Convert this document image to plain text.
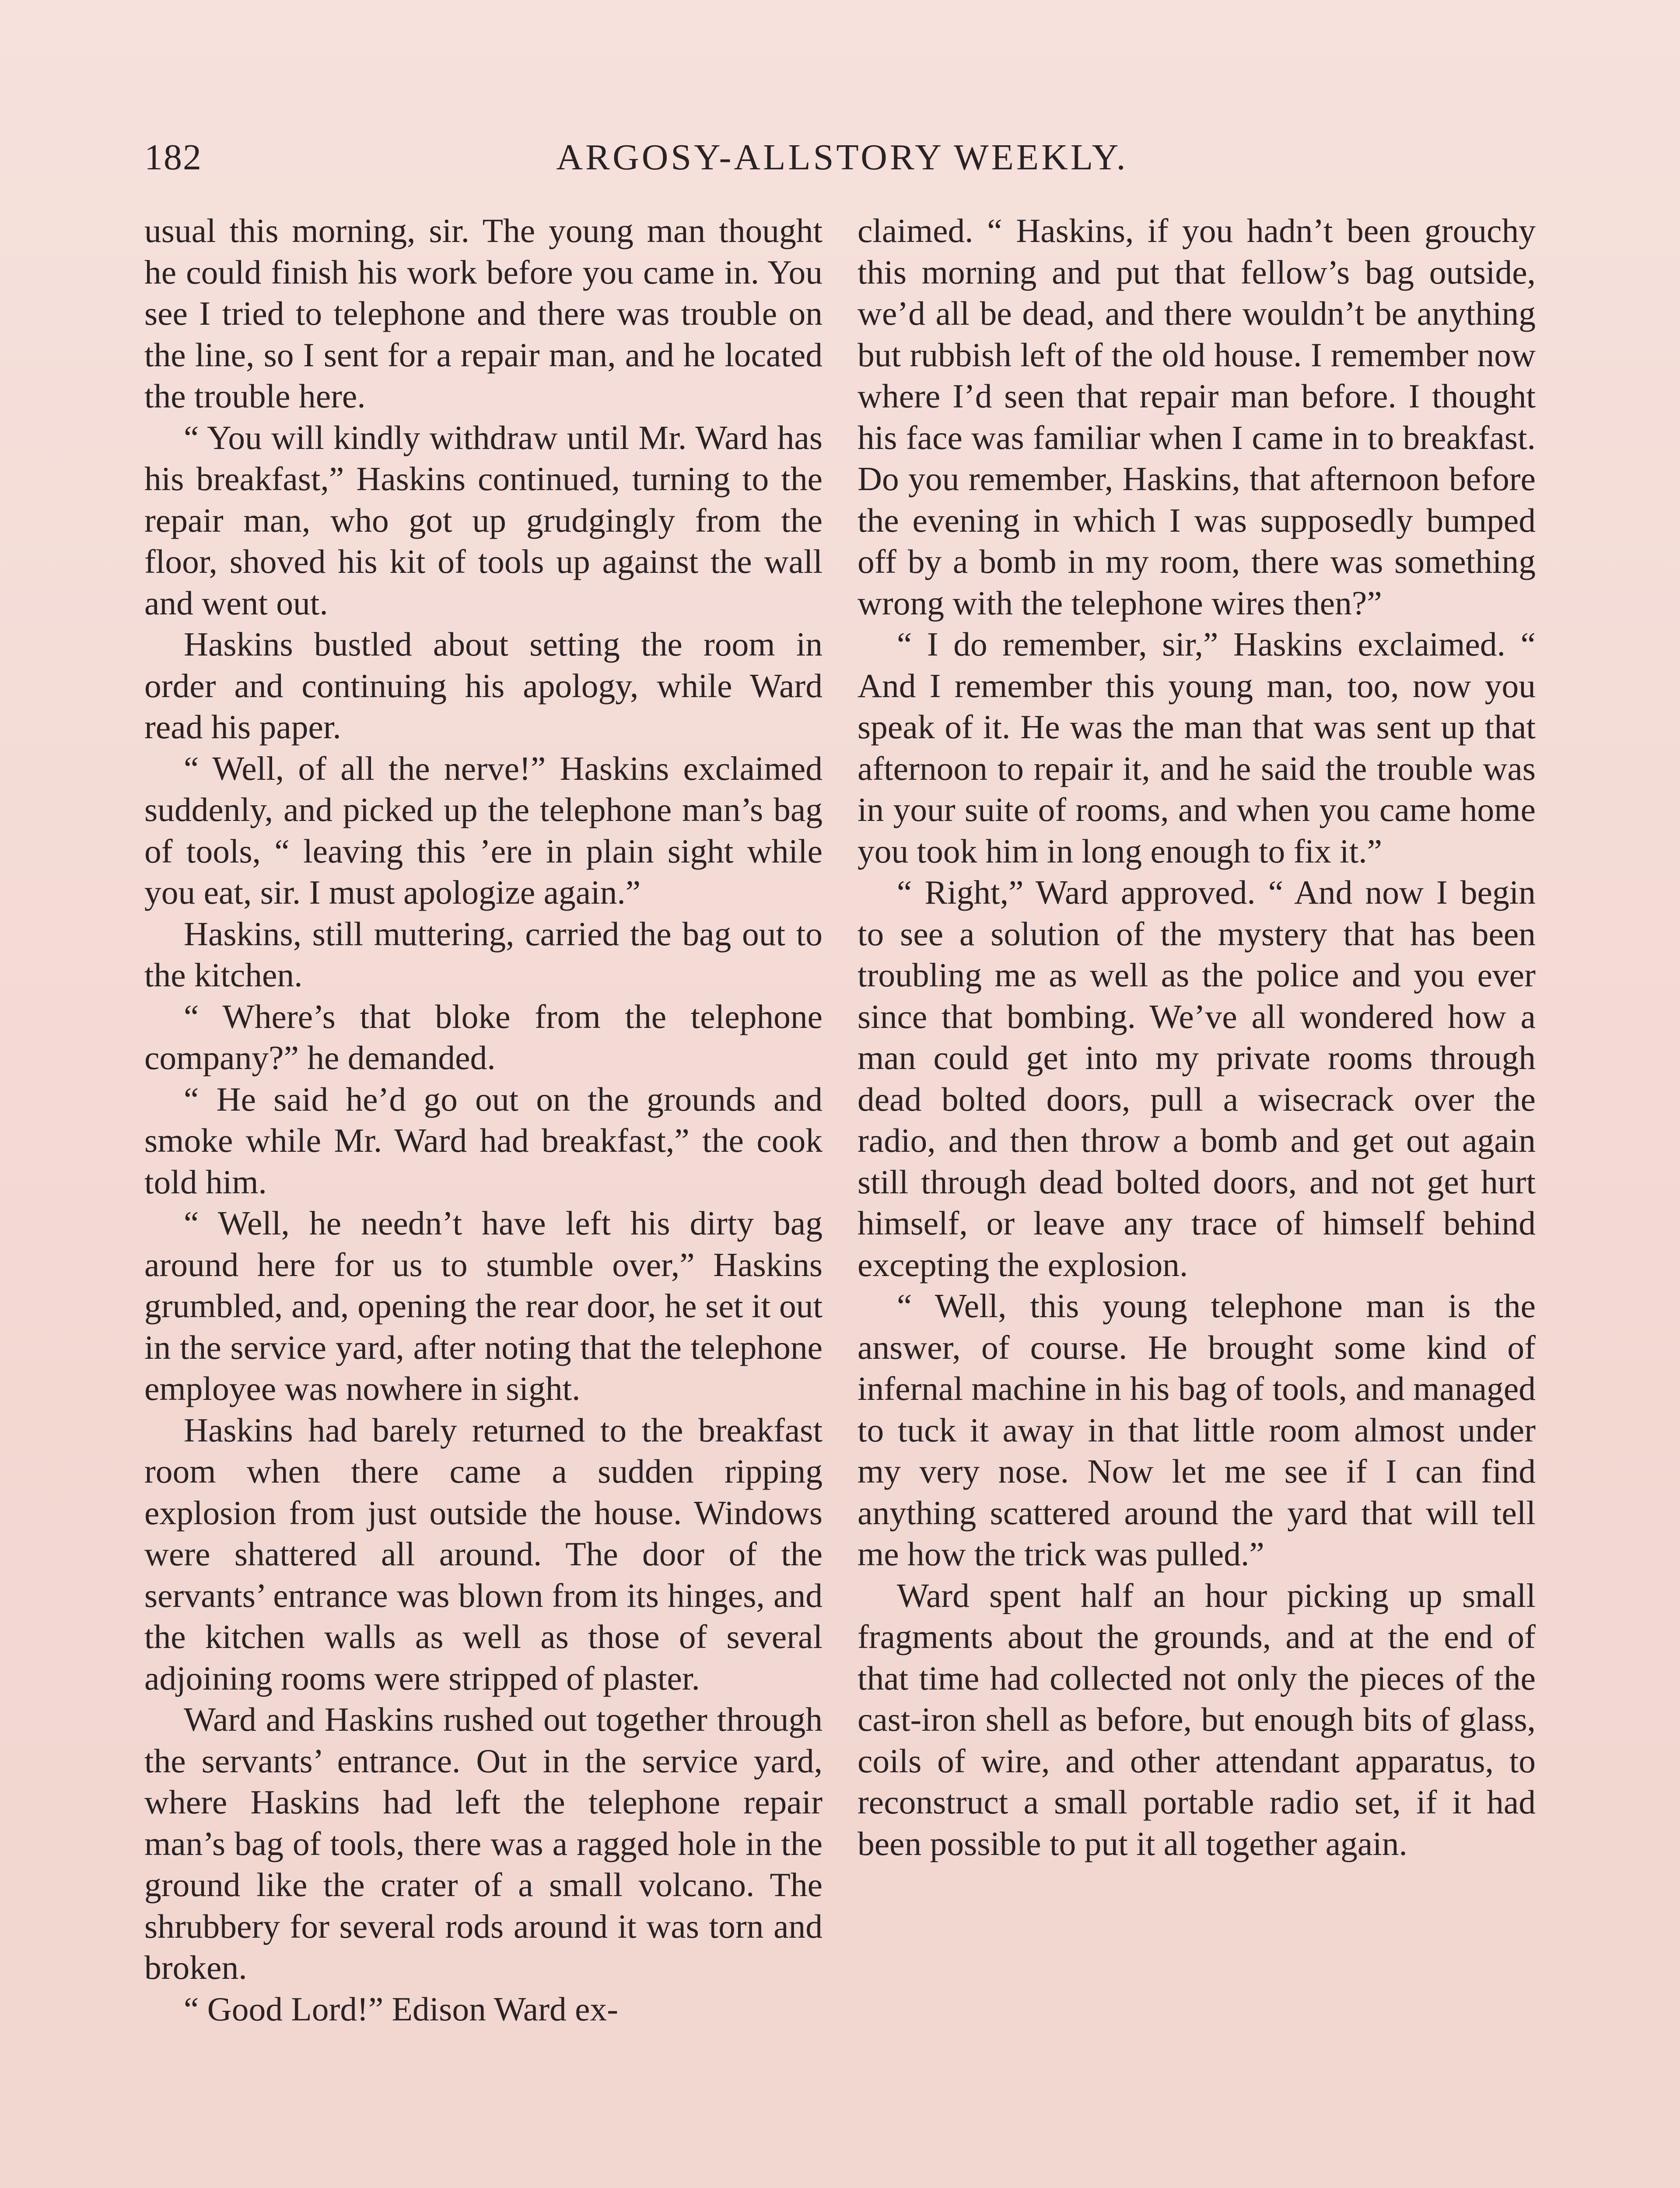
182	ARGOSY-ALLSTORY WEEKLY.

usual this morning, sir. The young man thought he could finish his work before you came in. You see I tried to telephone and there was trouble on the line, so I sent for a repair man, and he located the trouble here.

“ You will kindly withdraw until Mr. Ward has his breakfast,” Haskins continued, turning to the repair man, who got up grudgingly from the floor, shoved his kit of tools up against the wall and went out.

Haskins bustled about setting the room in order and continuing his apology, while Ward read his paper.

“ Well, of all the nerve!” Haskins exclaimed suddenly, and picked up the telephone man’s bag of tools, “ leaving this ’ere in plain sight while you eat, sir. I must apologize again.”

Haskins, still muttering, carried the bag out to the kitchen.

“ Where’s that bloke from the telephone company?” he demanded.

“ He said he’d go out on the grounds and smoke while Mr. Ward had breakfast,” the cook told him.

“ Well, he needn’t have left his dirty bag around here for us to stumble over,” Haskins grumbled, and, opening the rear door, he set it out in the service yard, after noting that the telephone employee was nowhere in sight.

Haskins had barely returned to the breakfast room when there came a sudden ripping explosion from just outside the house. Windows were shattered all around. The door of the servants’ entrance was blown from its hinges, and the kitchen walls as well as those of several adjoining rooms were stripped of plaster.

Ward and Haskins rushed out together through the servants’ entrance. Out in the service yard, where Haskins had left the telephone repair man’s bag of tools, there was a ragged hole in the ground like the crater of a small volcano. The shrubbery for several rods around it was torn and broken.

“ Good Lord!” Edison Ward ex-

claimed. “ Haskins, if you hadn’t been grouchy this morning and put that fellow’s bag outside, we’d all be dead, and there wouldn’t be anything but rubbish left of the old house. I remember now where I’d seen that repair man before. I thought his face was familiar when I came in to breakfast. Do you remember, Haskins, that afternoon before the evening in which I was supposedly bumped off by a bomb in my room, there was something wrong with the telephone wires then?”

“ I do remember, sir,” Haskins exclaimed. “ And I remember this young man, too, now you speak of it. He was the man that was sent up that afternoon to repair it, and he said the trouble was in your suite of rooms, and when you came home you took him in long enough to fix it.”

“ Right,” Ward approved. “ And now I begin to see a solution of the mystery that has been troubling me as well as the police and you ever since that bombing. We’ve all wondered how a man could get into my private rooms through dead bolted doors, pull a wisecrack over the radio, and then throw a bomb and get out again still through dead bolted doors, and not get hurt himself, or leave any trace of himself behind excepting the explosion.

“ Well, this young telephone man is the answer, of course. He brought some kind of infernal machine in his bag of tools, and managed to tuck it away in that little room almost under my very nose. Now let me see if I can find anything scattered around the yard that will tell me how the trick was pulled.”

Ward spent half an hour picking up small fragments about the grounds, and at the end of that time had collected not only the pieces of the cast-iron shell as before, but enough bits of glass, coils of wire, and other attendant apparatus, to reconstruct a small portable radio set, if it had been possible to put it all together again.
